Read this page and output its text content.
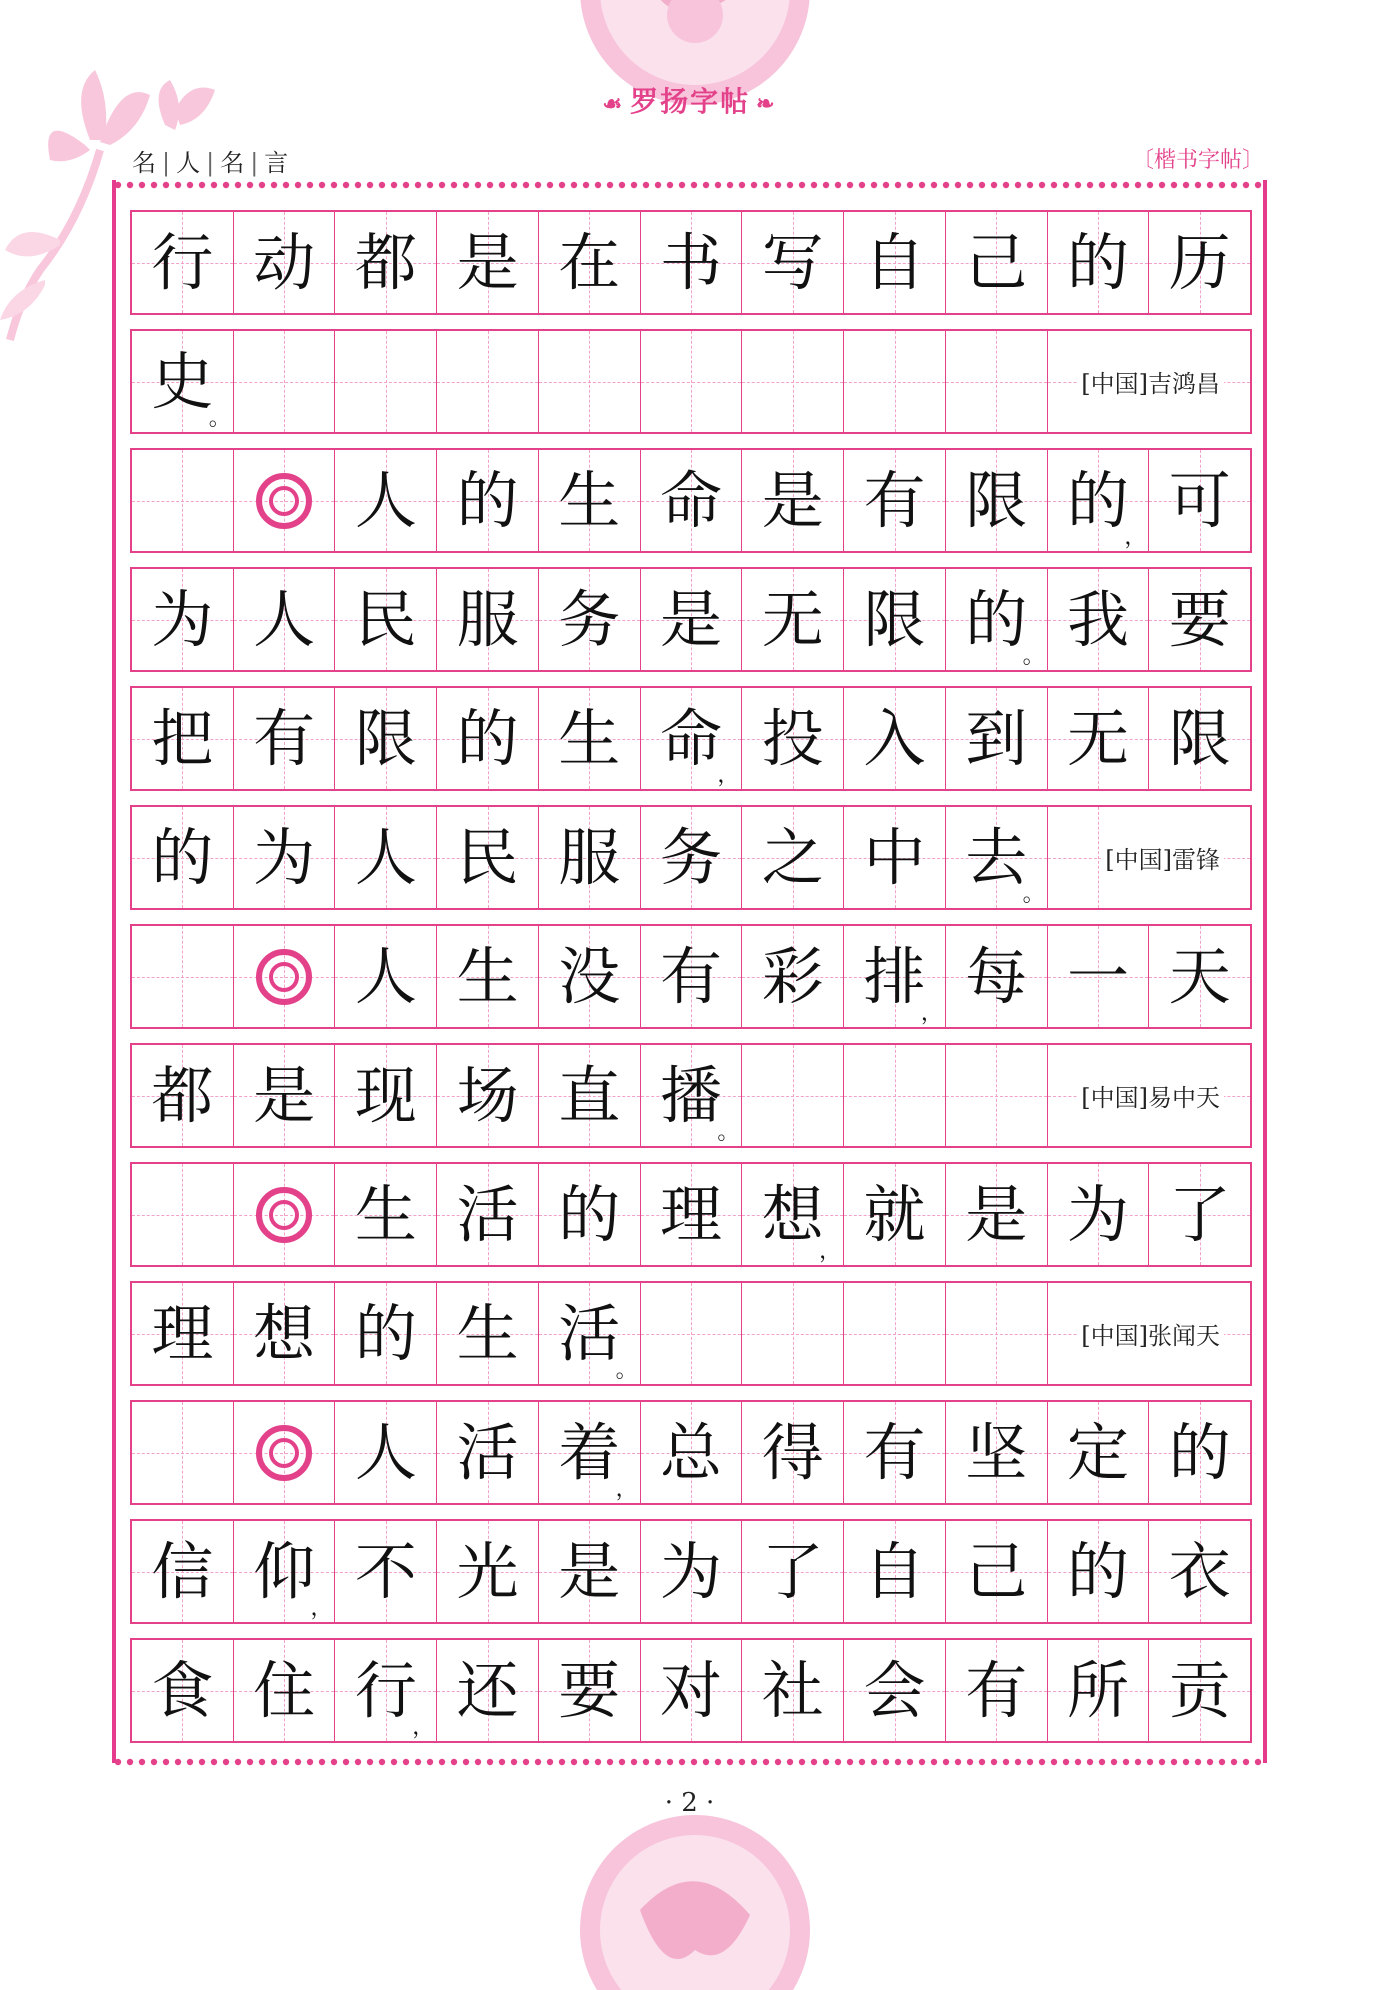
☙ 罗扬字帖 ❧
名 | 人 | 名 | 言	〔楷书字帖〕
行 动 都 是 在 书 写 自 己 的 历
史
。
[中国]吉鸿昌
人 的 生 命 是 有 限 的
，
可
为 人 民 服 务 是 无 限 的
。
我 要
把 有 限 的 生 命
，
投 入 到 无 限
的 为 人 民 服 务 之 中 去
。
[中国]雷锋
人 生 没 有 彩 排
，
每 一 天
都 是 现 场 直 播
。
[中国]易中天
生 活 的 理 想
，
就 是 为 了
理 想 的 生 活
。
[中国]张闻天
人 活 着
，
总 得 有 坚 定 的
信 仰
，
不 光 是 为 了 自 己 的 衣
食 住 行
，
还 要 对 社 会 有 所 贡
· 2 ·
